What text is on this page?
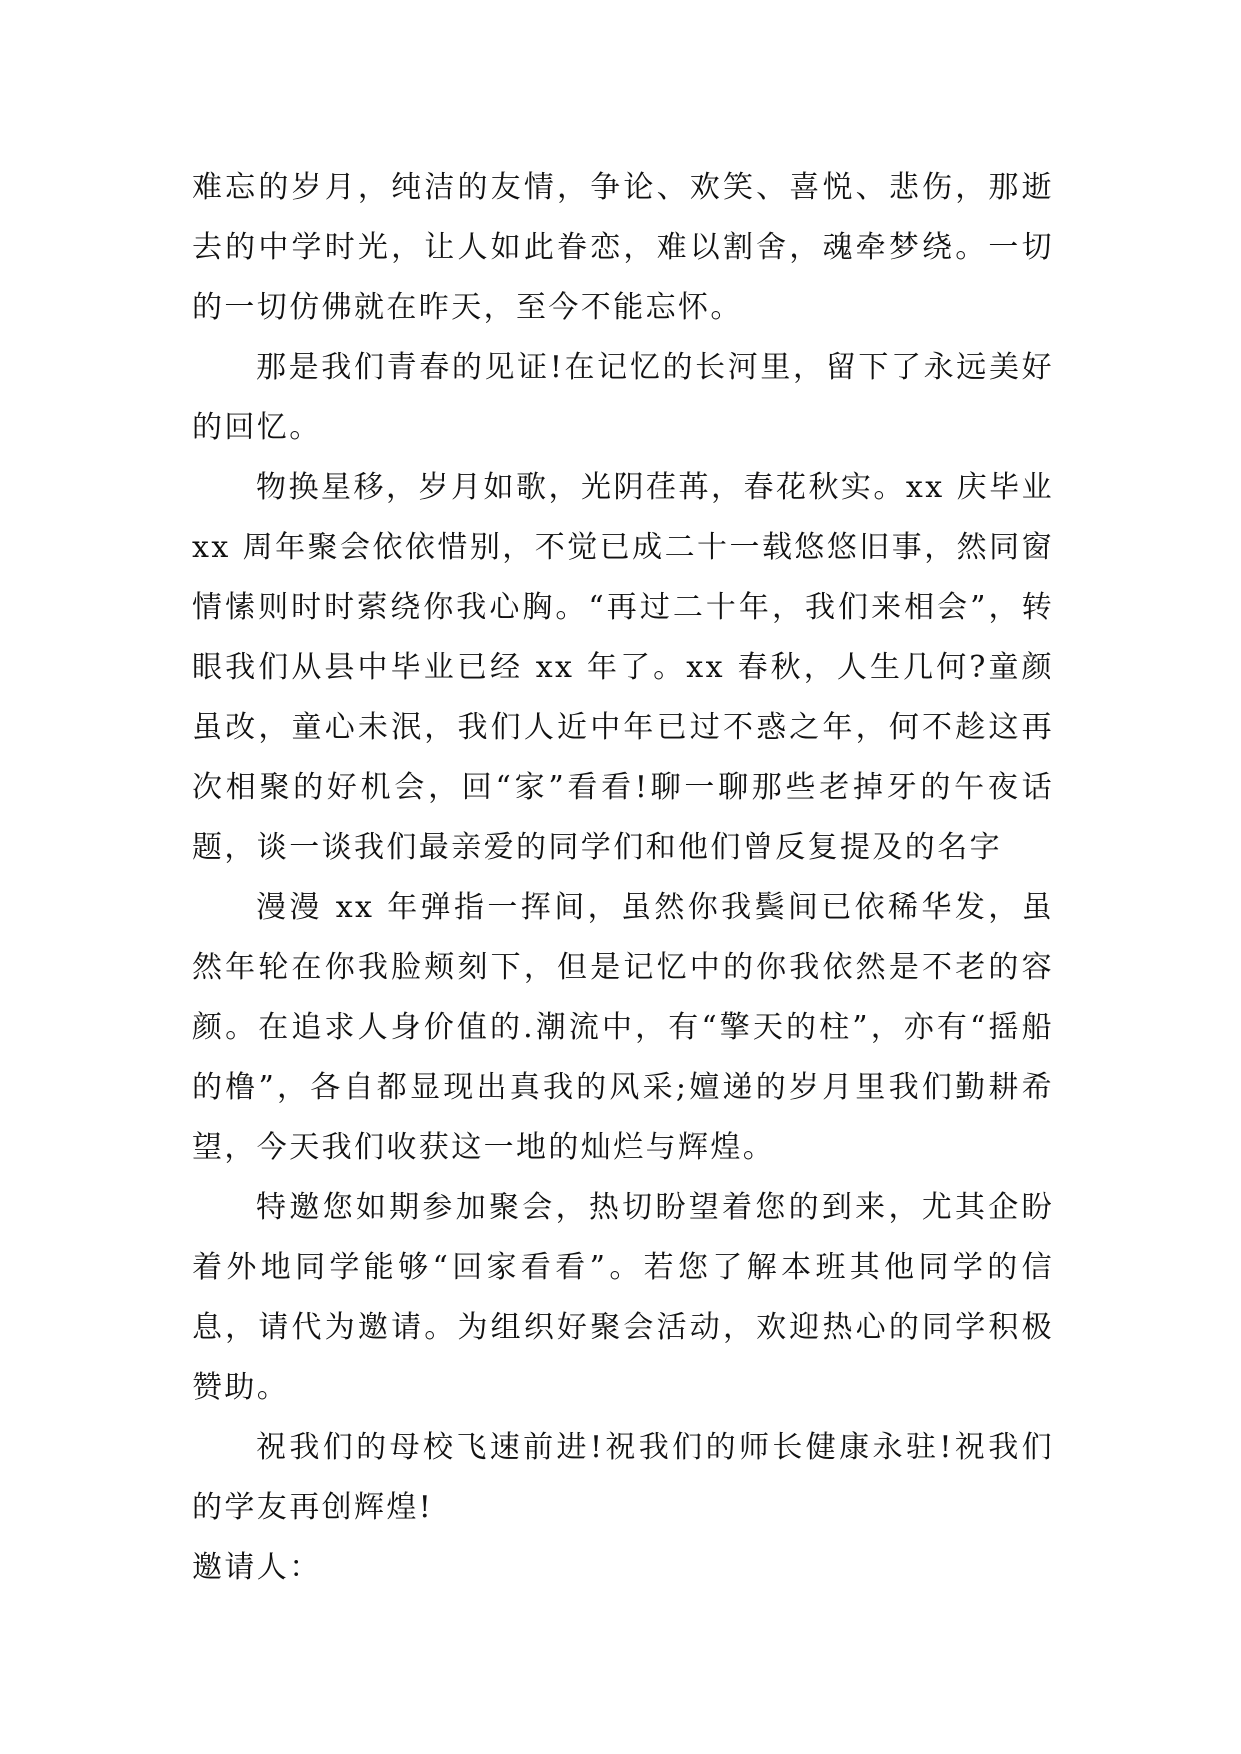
难忘的岁月，纯洁的友情，争论、欢笑、喜悦、悲伤，那逝去的中学时光，让人如此眷恋，难以割舍，魂牵梦绕。一切的一切仿佛就在昨天，至今不能忘怀。

那是我们青春的见证!在记忆的长河里，留下了永远美好的回忆。

物换星移，岁月如歌，光阴荏苒，春花秋实。xx 庆毕业 xx 周年聚会依依惜别，不觉已成二十一载悠悠旧事，然同窗情愫则时时萦绕你我心胸。“再过二十年，我们来相会”，转眼我们从县中毕业已经 xx 年了。xx 春秋，人生几何?童颜虽改，童心未泯，我们人近中年已过不惑之年，何不趁这再次相聚的好机会，回“家”看看!聊一聊那些老掉牙的午夜话题，谈一谈我们最亲爱的同学们和他们曾反复提及的名字

漫漫 xx 年弹指一挥间，虽然你我鬓间已依稀华发，虽然年轮在你我脸颊刻下，但是记忆中的你我依然是不老的容颜。在追求人身价值的.潮流中，有“擎天的柱”，亦有“摇船的橹”，各自都显现出真我的风采;嬗递的岁月里我们勤耕希望，今天我们收获这一地的灿烂与辉煌。

特邀您如期参加聚会，热切盼望着您的到来，尤其企盼着外地同学能够“回家看看”。若您了解本班其他同学的信息，请代为邀请。为组织好聚会活动，欢迎热心的同学积极赞助。

祝我们的母校飞速前进!祝我们的师长健康永驻!祝我们的学友再创辉煌!

邀请人：
